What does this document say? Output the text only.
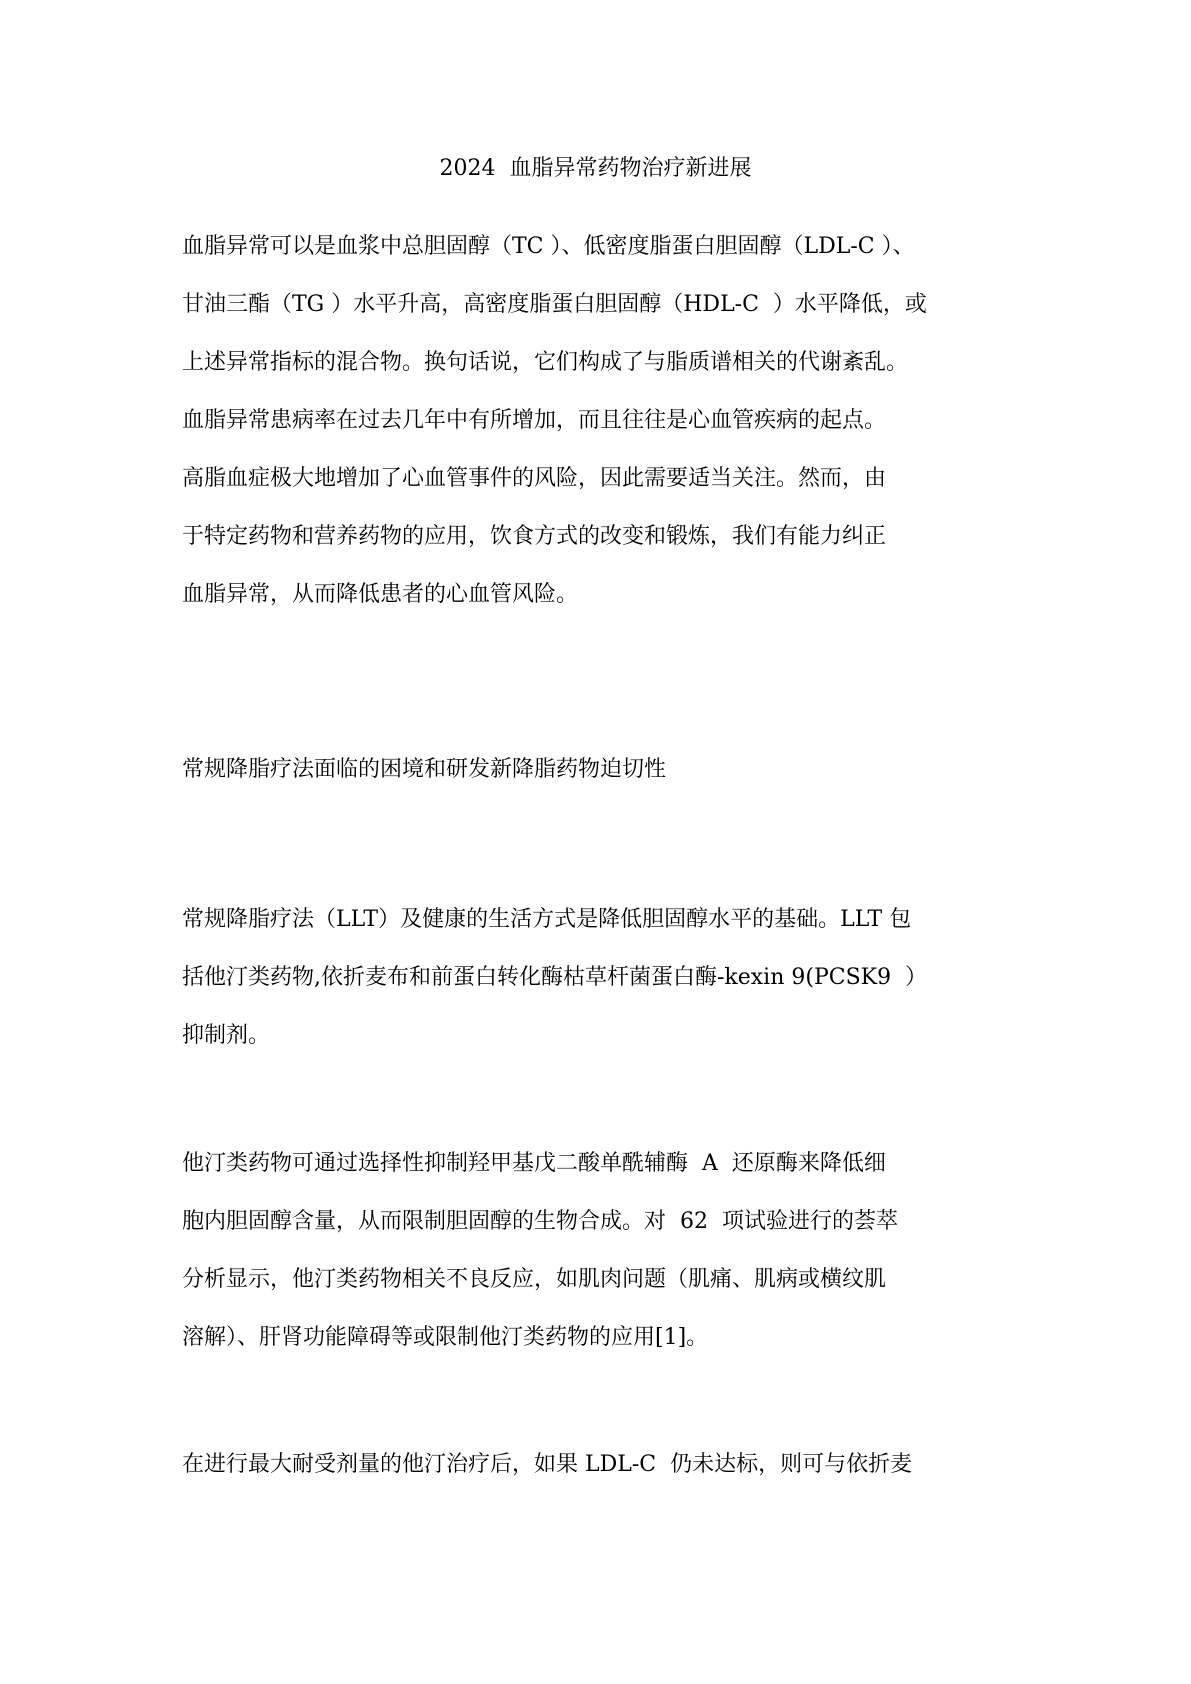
2024  血脂异常药物治疗新进展
血脂异常可以是血浆中总胆固醇（TC ）、低密度脂蛋白胆固醇（LDL-C ）、
甘油三酯（TG ）水平升高，高密度脂蛋白胆固醇（HDL-C  ）水平降低，或
上述异常指标的混合物。换句话说，它们构成了与脂质谱相关的代谢紊乱。
血脂异常患病率在过去几年中有所增加，而且往往是心血管疾病的起点。
高脂血症极大地增加了心血管事件的风险，因此需要适当关注。然而，由
于特定药物和营养药物的应用，饮食方式的改变和锻炼，我们有能力纠正
血脂异常，从而降低患者的心血管风险。
常规降脂疗法面临的困境和研发新降脂药物迫切性
常规降脂疗法（LLT）及健康的生活方式是降低胆固醇水平的基础。LLT 包
括他汀类药物,依折麦布和前蛋白转化酶枯草杆菌蛋白酶-kexin 9(PCSK9  ）
抑制剂。
他汀类药物可通过选择性抑制羟甲基戊二酸单酰辅酶  A  还原酶来降低细
胞内胆固醇含量，从而限制胆固醇的生物合成。对  62  项试验进行的荟萃
分析显示，他汀类药物相关不良反应，如肌肉问题（肌痛、肌病或横纹肌
溶解）、肝肾功能障碍等或限制他汀类药物的应用[1]。
在进行最大耐受剂量的他汀治疗后，如果 LDL-C  仍未达标，则可与依折麦
